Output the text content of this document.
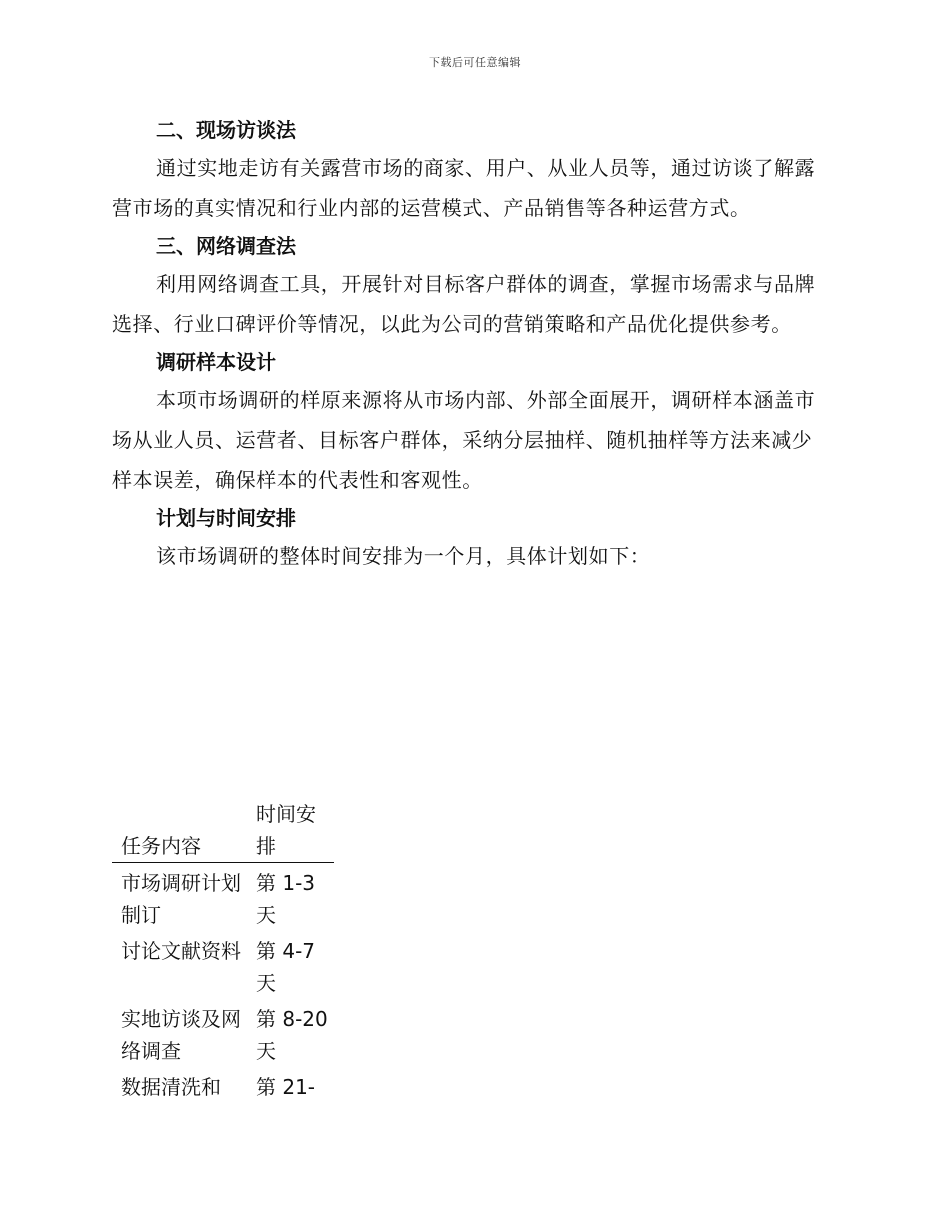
下载后可任意编辑
二、现场访谈法

通过实地走访有关露营市场的商家、用户、从业人员等，通过访谈了解露营市场的真实情况和行业内部的运营模式、产品销售等各种运营方式。

三、网络调查法

利用网络调查工具，开展针对目标客户群体的调查，掌握市场需求与品牌选择、行业口碑评价等情况，以此为公司的营销策略和产品优化提供参考。

调研样本设计

本项市场调研的样原来源将从市场内部、外部全面展开，调研样本涵盖市场从业人员、运营者、目标客户群体，采纳分层抽样、随机抽样等方法来减少样本误差，确保样本的代表性和客观性。

计划与时间安排

该市场调研的整体时间安排为一个月，具体计划如下：

任务内容	时间安排
市场调研计划制订	第 1-3 天
讨论文献资料	第 4-7 天
实地访谈及网络调查	第 8-20 天
数据清洗和	第 21-
